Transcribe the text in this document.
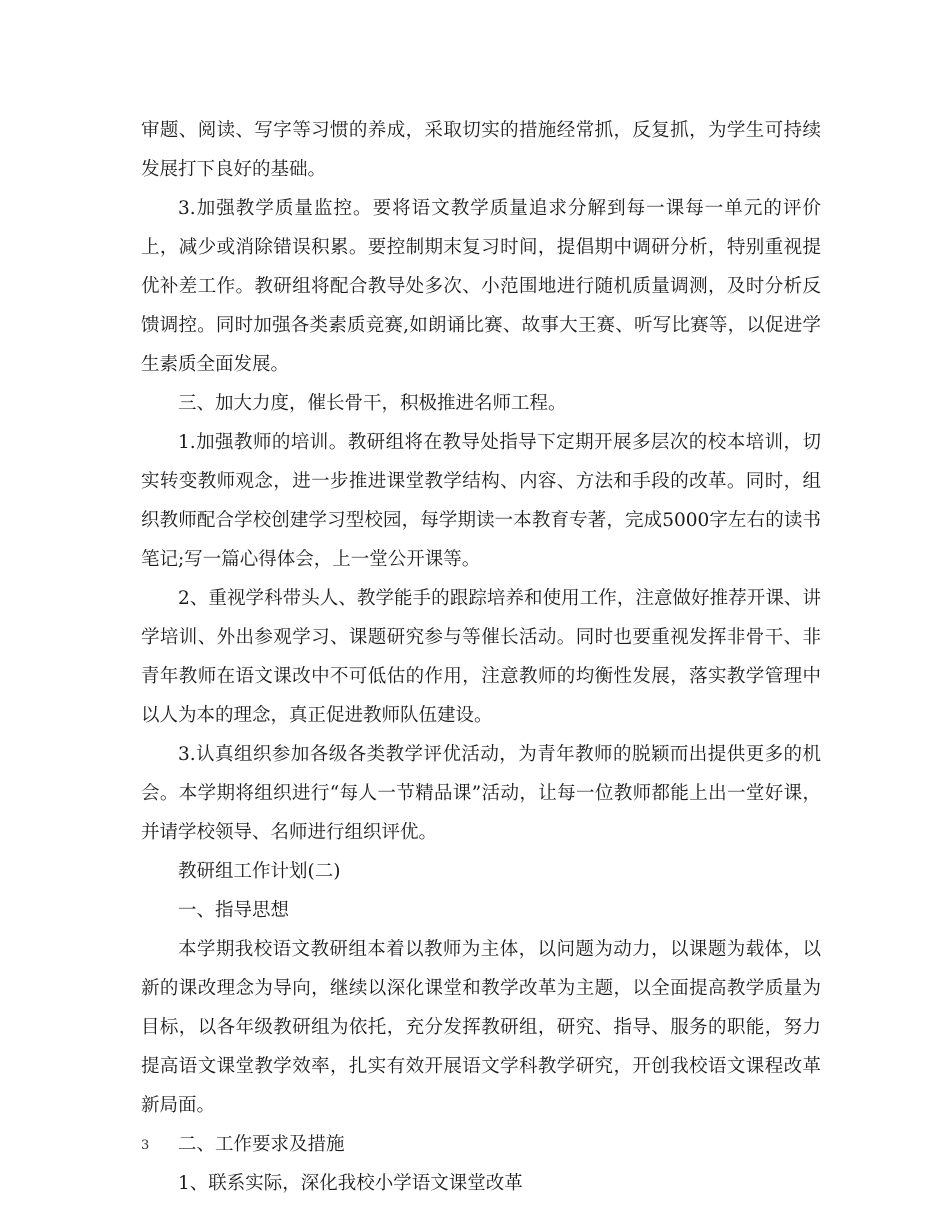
审题、阅读、写字等习惯的养成，采取切实的措施经常抓，反复抓，为学生可持续发展打下良好的基础。

3.加强教学质量监控。要将语文教学质量追求分解到每一课每一单元的评价上，减少或消除错误积累。要控制期末复习时间，提倡期中调研分析，特别重视提优补差工作。教研组将配合教导处多次、小范围地进行随机质量调测，及时分析反馈调控。同时加强各类素质竞赛,如朗诵比赛、故事大王赛、听写比赛等，以促进学生素质全面发展。

三、加大力度，催长骨干，积极推进名师工程。

1.加强教师的培训。教研组将在教导处指导下定期开展多层次的校本培训，切实转变教师观念，进一步推进课堂教学结构、内容、方法和手段的改革。同时，组织教师配合学校创建学习型校园，每学期读一本教育专著，完成5000字左右的读书笔记;写一篇心得体会，上一堂公开课等。

2、重视学科带头人、教学能手的跟踪培养和使用工作，注意做好推荐开课、讲学培训、外出参观学习、课题研究参与等催长活动。同时也要重视发挥非骨干、非青年教师在语文课改中不可低估的作用，注意教师的均衡性发展，落实教学管理中以人为本的理念，真正促进教师队伍建设。

3.认真组织参加各级各类教学评优活动，为青年教师的脱颖而出提供更多的机会。本学期将组织进行“每人一节精品课”活动，让每一位教师都能上出一堂好课，并请学校领导、名师进行组织评优。

教研组工作计划(二)

一、指导思想

本学期我校语文教研组本着以教师为主体，以问题为动力，以课题为载体，以新的课改理念为导向，继续以深化课堂和教学改革为主题，以全面提高教学质量为目标，以各年级教研组为依托，充分发挥教研组，研究、指导、服务的职能，努力提高语文课堂教学效率，扎实有效开展语文学科教学研究，开创我校语文课程改革新局面。

二、工作要求及措施

1、联系实际，深化我校小学语文课堂改革

3
